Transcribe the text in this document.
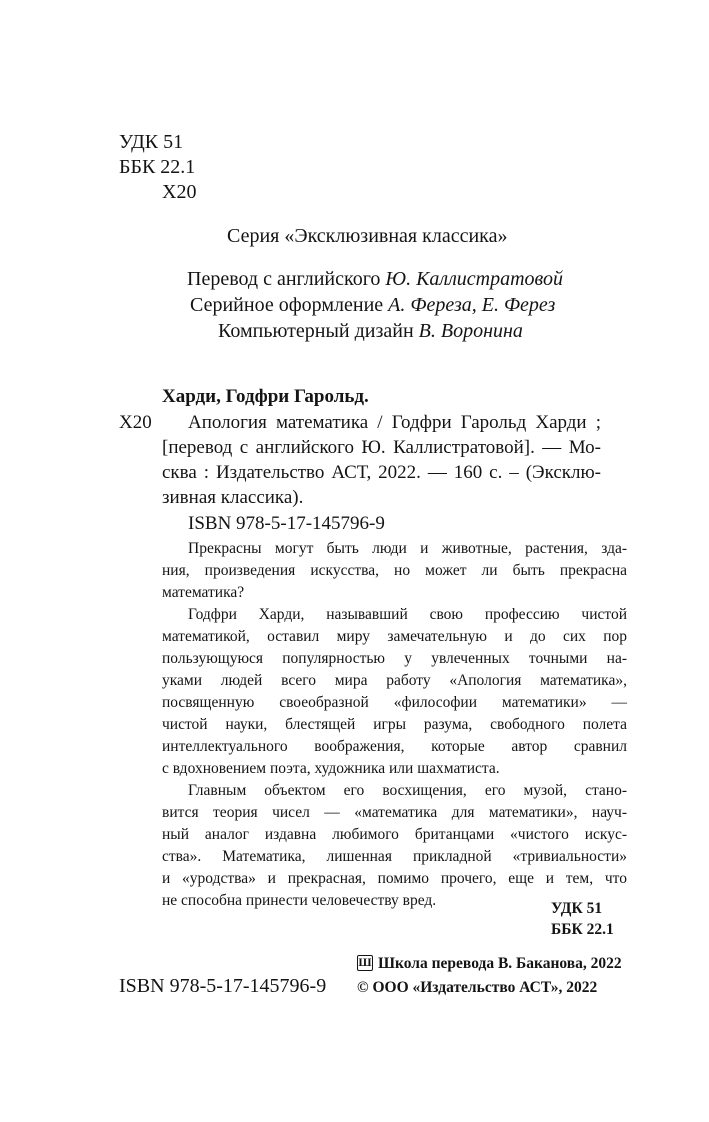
УДК 51
ББК 22.1
Х20
Серия «Эксклюзивная классика»
Перевод с английского Ю. Каллистратовой
Серийное оформление А. Фереза, Е. Ферез
Компьютерный дизайн В. Воронина
Харди, Годфри Гарольд.
Х20 Апология математика / Годфри Гарольд Харди ;
[перевод с английского Ю. Каллистратовой]. — Мо-
сква : Издательство АСТ, 2022. — 160 с. – (Эксклю-
зивная классика).
ISBN 978-5-17-145796-9
Прекрасны могут быть люди и животные, растения, зда-
ния, произведения искусства, но может ли быть прекрасна
математика?
Годфри Харди, называвший свою профессию чистой
математикой, оставил миру замечательную и до сих пор
пользующуюся популярностью у увлеченных точными на-
уками людей всего мира работу «Апология математика»,
посвященную своеобразной «философии математики» —
чистой науки, блестящей игры разума, свободного полета
интеллектуального воображения, которые автор сравнил
с вдохновением поэта, художника или шахматиста.
Главным объектом его восхищения, его музой, стано-
вится теория чисел — «математика для математики», науч-
ный аналог издавна любимого британцами «чистого искус-
ства». Математика, лишенная прикладной «тривиальности»
и «уродства» и прекрасная, помимо прочего, еще и тем, что
не способна принести человечеству вред.	УДК 51
ББК 22.1
ISBN 978-5-17-145796-9
Ш Школа перевода В. Баканова, 2022
© ООО «Издательство АСТ», 2022
